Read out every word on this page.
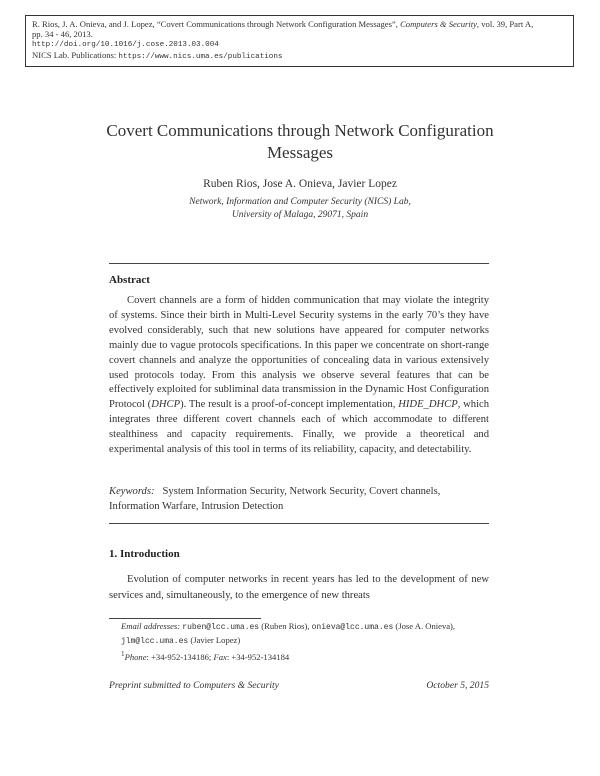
R. Rios, J. A. Onieva, and J. Lopez, “Covert Communications through Network Configuration Messages”, Computers & Security, vol. 39, Part A,
pp. 34 - 46, 2013.
http://doi.org/10.1016/j.cose.2013.03.004
NICS Lab. Publications: https://www.nics.uma.es/publications
Covert Communications through Network Configuration
Messages
Ruben Rios, Jose A. Onieva, Javier Lopez
Network, Information and Computer Security (NICS) Lab,
University of Malaga, 29071, Spain
Abstract
Covert channels are a form of hidden communication that may violate the integrity of systems. Since their birth in Multi-Level Security systems in the early 70’s they have evolved considerably, such that new solutions have appeared for computer networks mainly due to vague protocols specifications. In this paper we concentrate on short-range covert channels and analyze the opportunities of concealing data in various extensively used protocols today. From this analysis we observe several features that can be effectively exploited for subliminal data transmission in the Dynamic Host Configuration Protocol (DHCP). The result is a proof-of-concept implementation, HIDE_DHCP, which integrates three different covert channels each of which accommodate to different stealthiness and capacity requirements. Finally, we provide a theoretical and experimental analysis of this tool in terms of its reliability, capacity, and detectability.
Keywords: System Information Security, Network Security, Covert channels, Information Warfare, Intrusion Detection
1. Introduction
Evolution of computer networks in recent years has led to the development of new services and, simultaneously, to the emergence of new threats
Email addresses: ruben@lcc.uma.es (Ruben Rios), onieva@lcc.uma.es (Jose A. Onieva), jlm@lcc.uma.es (Javier Lopez)
$^1$Phone: +34-952-134186; Fax: +34-952-134184
Preprint submitted to Computers & Security	October 5, 2015
